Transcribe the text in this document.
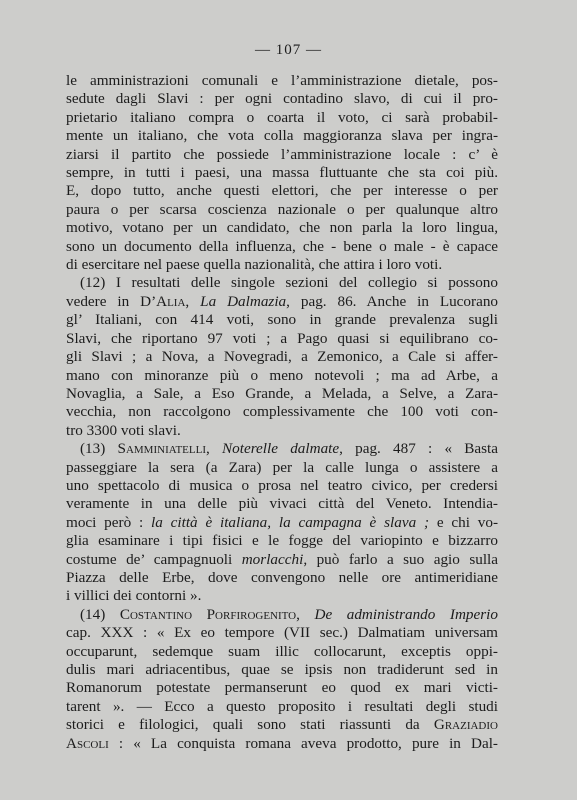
— 107 —
le amministrazioni comunali e l’amministrazione dietale, pos-
sedute dagli Slavi : per ogni contadino slavo, di cui il pro-
prietario italiano compra o coarta il voto, ci sarà probabil-
mente un italiano, che vota colla maggioranza slava per ingra-
ziarsi il partito che possiede l’amministrazione locale : c’ è
sempre, in tutti i paesi, una massa fluttuante che sta coi più.
E, dopo tutto, anche questi elettori, che per interesse o per
paura o per scarsa coscienza nazionale o per qualunque altro
motivo, votano per un candidato, che non parla la loro lingua,
sono un documento della influenza, che - bene o male - è capace
di esercitare nel paese quella nazionalità, che attira i loro voti.
(12) I resultati delle singole sezioni del collegio si possono
vedere in D’Alia, La Dalmazia, pag. 86. Anche in Lucorano
gl’ Italiani, con 414 voti, sono in grande prevalenza sugli
Slavi, che riportano 97 voti ; a Pago quasi si equilibrano co-
gli Slavi ; a Nova, a Novegradi, a Zemonico, a Cale si affer-
mano con minoranze più o meno notevoli ; ma ad Arbe, a
Novaglia, a Sale, a Eso Grande, a Melada, a Selve, a Zara-
vecchia, non raccolgono complessivamente che 100 voti con-
tro 3300 voti slavi.
(13) Samminiatelli, Noterelle dalmate, pag. 487 : « Basta
passeggiare la sera (a Zara) per la calle lunga o assistere a
uno spettacolo di musica o prosa nel teatro civico, per credersi
veramente in una delle più vivaci città del Veneto. Intendia-
moci però : la città è italiana, la campagna è slava ; e chi vo-
glia esaminare i tipi fisici e le fogge del variopinto e bizzarro
costume de’ campagnuoli morlacchi, può farlo a suo agio sulla
Piazza delle Erbe, dove convengono nelle ore antimeridiane
i villici dei contorni ».
(14) Costantino Porfirogenito, De administrando Imperio
cap. XXX : « Ex eo tempore (VII sec.) Dalmatiam universam
occuparunt, sedemque suam illic collocarunt, exceptis oppi-
dulis mari adriacentibus, quae se ipsis non tradiderunt sed in
Romanorum potestate permanserunt eo quod ex mari victi-
tarent ». — Ecco a questo proposito i resultati degli studi
storici e filologici, quali sono stati riassunti da Graziadio
Ascoli : « La conquista romana aveva prodotto, pure in Dal-
